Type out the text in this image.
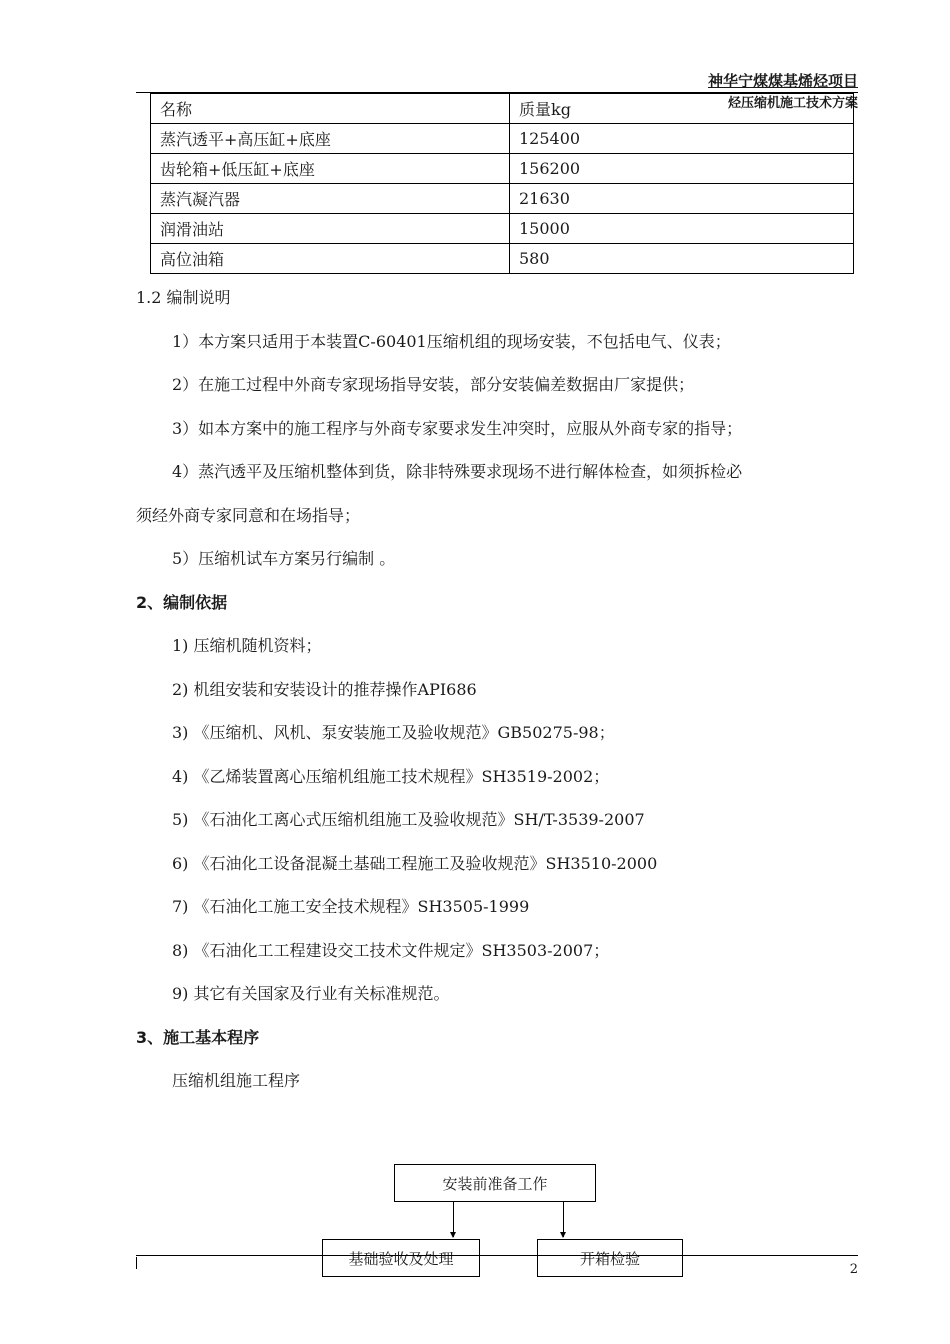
神华宁煤煤基烯烃项目
烃压缩机施工技术方案
名称	质量kg
蒸汽透平+高压缸+底座	125400
齿轮箱+低压缸+底座	156200
蒸汽凝汽器	21630
润滑油站	15000
高位油箱	580
1.2 编制说明
1）本方案只适用于本装置C-60401压缩机组的现场安装，不包括电气、仪表；
2）在施工过程中外商专家现场指导安装，部分安装偏差数据由厂家提供；
3）如本方案中的施工程序与外商专家要求发生冲突时，应服从外商专家的指导；
4）蒸汽透平及压缩机整体到货，除非特殊要求现场不进行解体检查，如须拆检必
须经外商专家同意和在场指导；
5）压缩机试车方案另行编制 。
2、编制依据
1) 压缩机随机资料；
2) 机组安装和安装设计的推荐操作API686
3) 《压缩机、风机、泵安装施工及验收规范》GB50275-98；
4) 《乙烯装置离心压缩机组施工技术规程》SH3519-2002；
5) 《石油化工离心式压缩机组施工及验收规范》SH/T-3539-2007
6) 《石油化工设备混凝土基础工程施工及验收规范》SH3510-2000
7) 《石油化工施工安全技术规程》SH3505-1999
8) 《石油化工工程建设交工技术文件规定》SH3503-2007；
9) 其它有关国家及行业有关标准规范。
3、施工基本程序
压缩机组施工程序
安装前准备工作
基础验收及处理	开箱检验
2
